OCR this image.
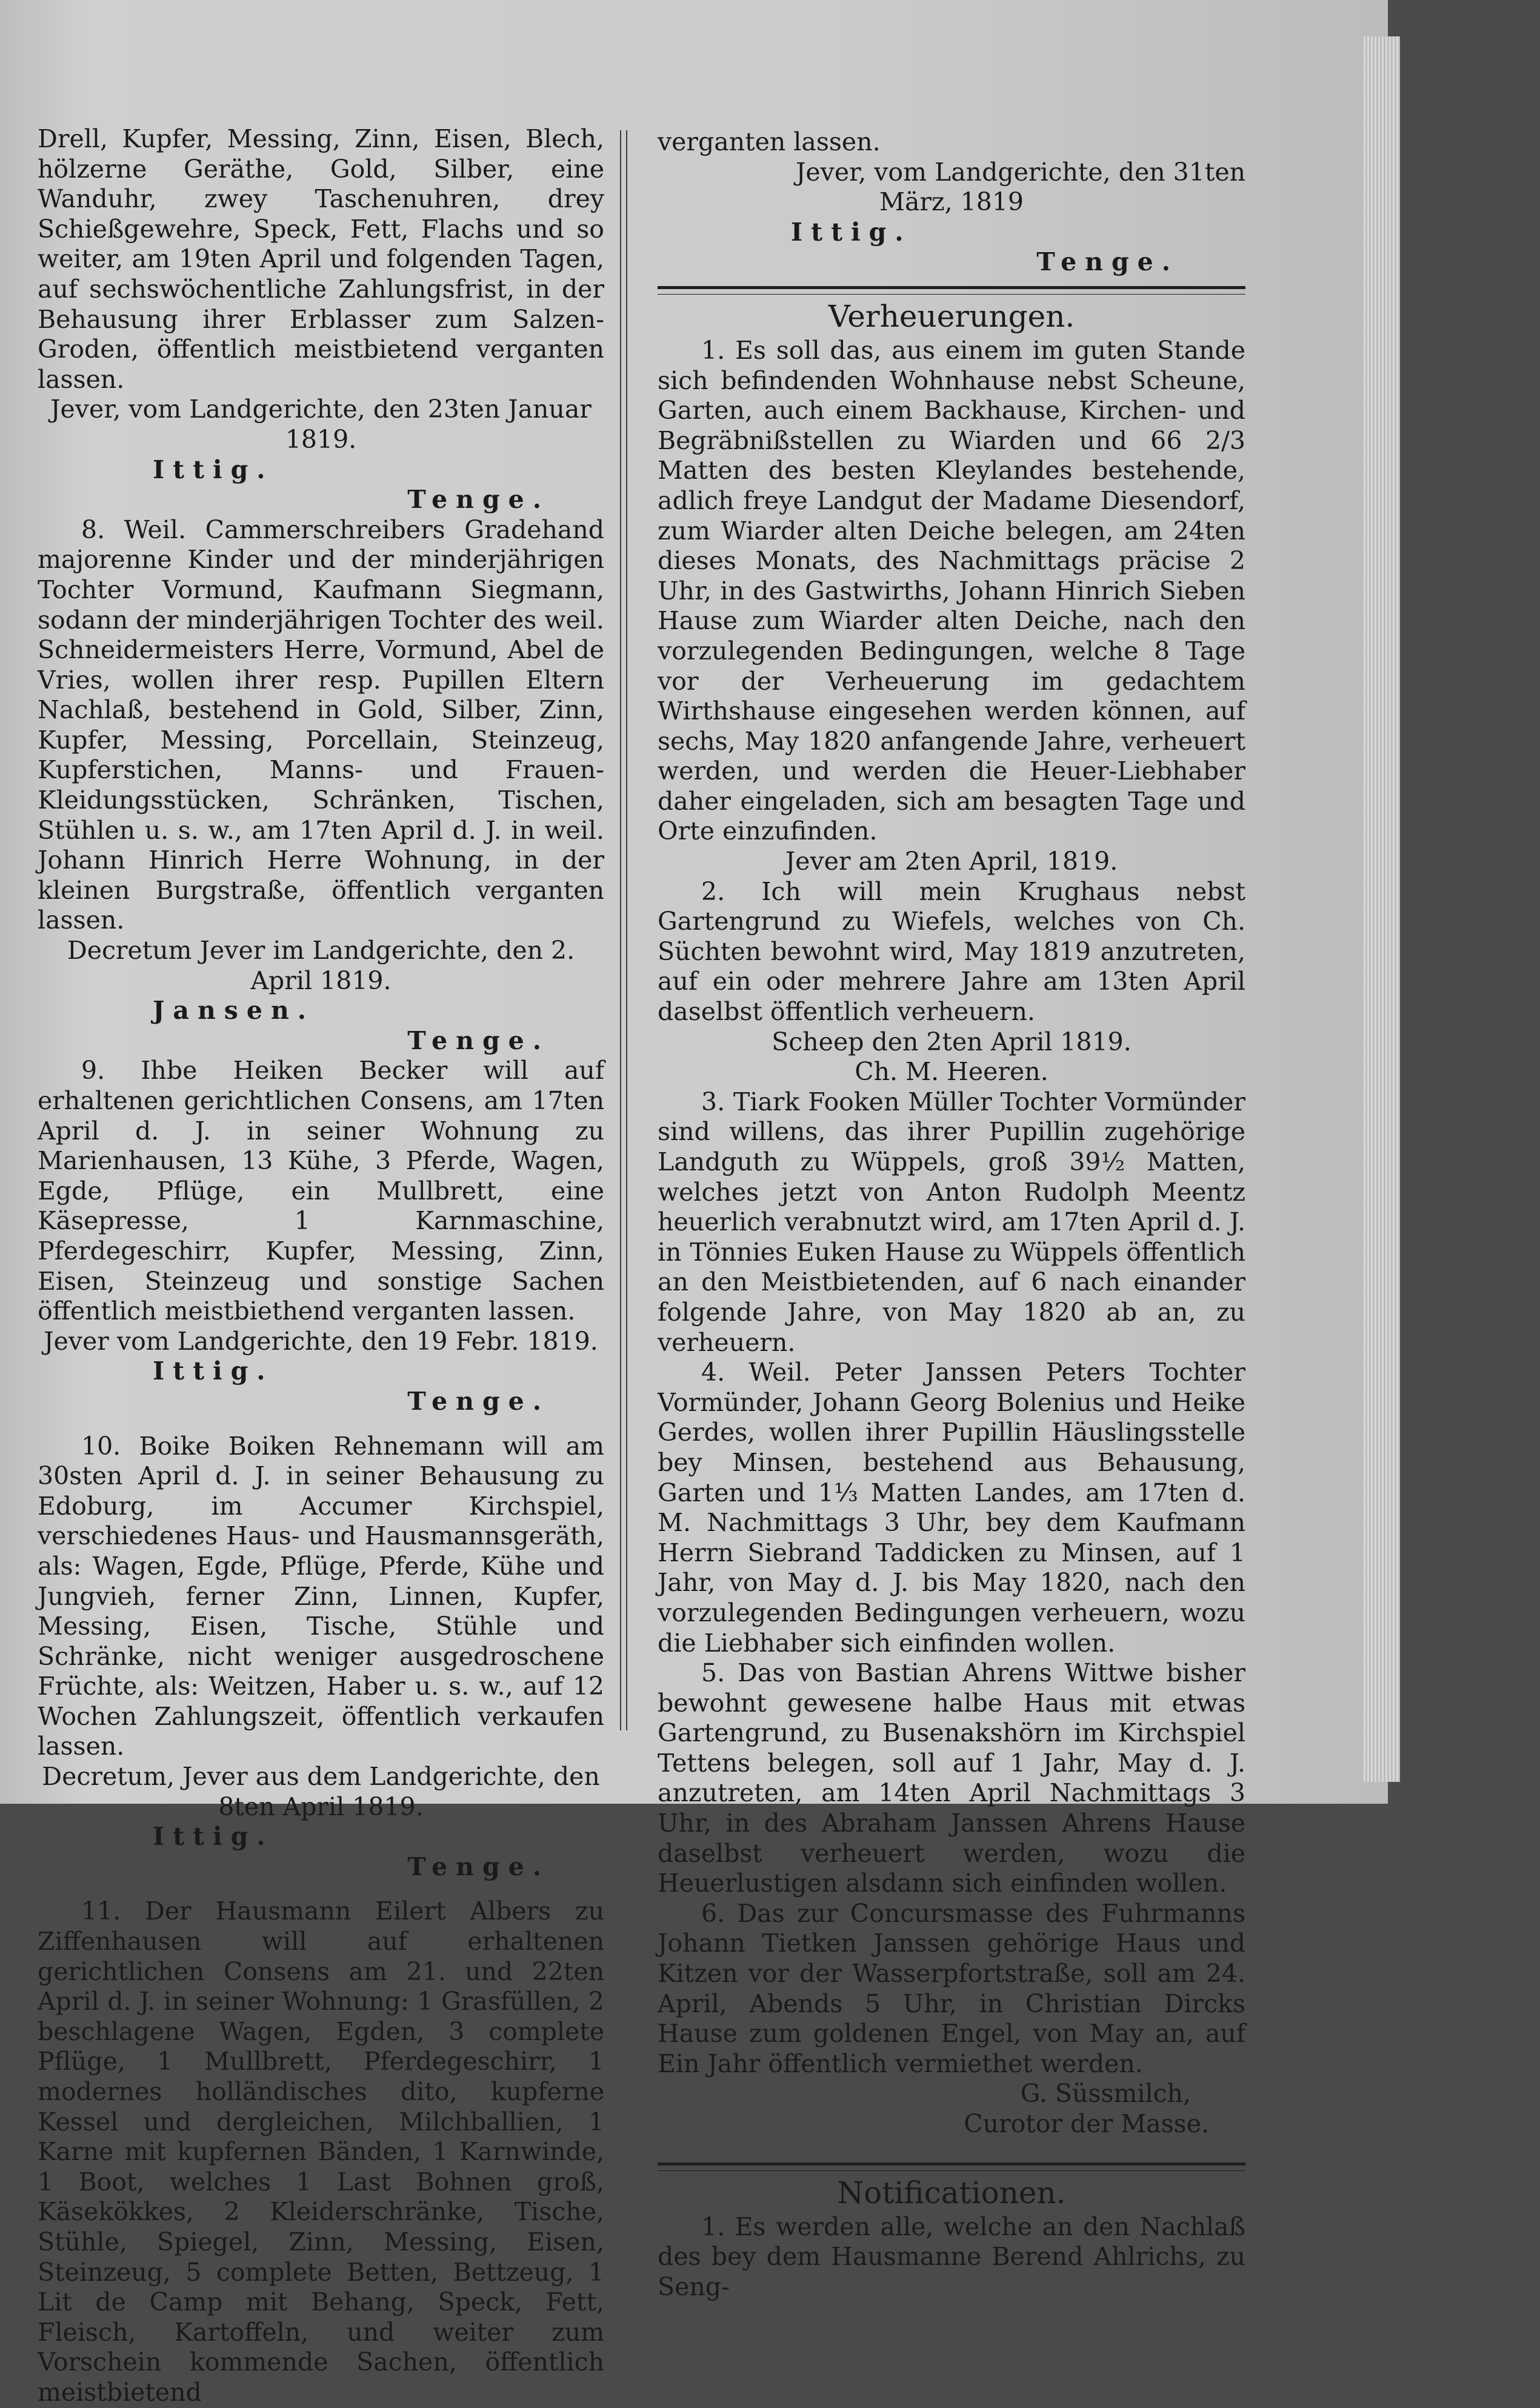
Drell, Kupfer, Messing, Zinn, Eisen, Blech, hölzerne Geräthe, Gold, Silber, eine Wanduhr, zwey Taschenuhren, drey Schießgewehre, Speck, Fett, Flachs und so weiter, am 19ten April und folgenden Tagen, auf sechswöchentliche Zahlungsfrist, in der Behausung ihrer Erblasser zum Salzen-Groden, öffentlich meistbietend verganten lassen.

Jever, vom Landgerichte, den 23ten Januar 1819.

Ittig.

Tenge.

8. Weil. Cammerschreibers Gradehand majorenne Kinder und der minderjährigen Tochter Vormund, Kaufmann Siegmann, sodann der minderjährigen Tochter des weil. Schneidermeisters Herre, Vormund, Abel de Vries, wollen ihrer resp. Pupillen Eltern Nachlaß, bestehend in Gold, Silber, Zinn, Kupfer, Messing, Porcellain, Steinzeug, Kupferstichen, Manns- und Frauen-Kleidungsstücken, Schränken, Tischen, Stühlen u. s. w., am 17ten April d. J. in weil. Johann Hinrich Herre Wohnung, in der kleinen Burgstraße, öffentlich verganten lassen.

Decretum Jever im Landgerichte, den 2. April 1819.

Jansen.

Tenge.

9. Ihbe Heiken Becker will auf erhaltenen gerichtlichen Consens, am 17ten April d. J. in seiner Wohnung zu Marienhausen, 13 Kühe, 3 Pferde, Wagen, Egde, Pflüge, ein Mullbrett, eine Käsepresse, 1 Karnmaschine, Pferdegeschirr, Kupfer, Messing, Zinn, Eisen, Steinzeug und sonstige Sachen öffentlich meistbiethend verganten lassen.

Jever vom Landgerichte, den 19 Febr. 1819.

Ittig.

Tenge.

10. Boike Boiken Rehnemann will am 30sten April d. J. in seiner Behausung zu Edoburg, im Accumer Kirchspiel, verschiedenes Haus- und Hausmannsgeräth, als: Wagen, Egde, Pflüge, Pferde, Kühe und Jungvieh, ferner Zinn, Linnen, Kupfer, Messing, Eisen, Tische, Stühle und Schränke, nicht weniger ausgedroschene Früchte, als: Weitzen, Haber u. s. w., auf 12 Wochen Zahlungszeit, öffentlich verkaufen lassen.

Decretum, Jever aus dem Landgerichte, den 8ten April 1819.

Ittig.

Tenge.

11. Der Hausmann Eilert Albers zu Ziffenhausen will auf erhaltenen gerichtlichen Consens am 21. und 22ten April d. J. in seiner Wohnung: 1 Grasfüllen, 2 beschlagene Wagen, Egden, 3 complete Pflüge, 1 Mullbrett, Pferdegeschirr, 1 modernes holländisches dito, kupferne Kessel und dergleichen, Milchballien, 1 Karne mit kupfernen Bänden, 1 Karnwinde, 1 Boot, welches 1 Last Bohnen groß, Käsekökkes, 2 Kleiderschränke, Tische, Stühle, Spiegel, Zinn, Messing, Eisen, Steinzeug, 5 complete Betten, Bettzeug, 1 Lit de Camp mit Behang, Speck, Fett, Fleisch, Kartoffeln, und weiter zum Vorschein kommende Sachen, öffentlich meistbietend

verganten lassen.

Jever, vom Landgerichte, den 31ten

März, 1819

Ittig.

Tenge.

Verheuerungen.

1. Es soll das, aus einem im guten Stande sich befindenden Wohnhause nebst Scheune, Garten, auch einem Backhause, Kirchen- und Begräbnißstellen zu Wiarden und 66 2/3 Matten des besten Kleylandes bestehende, adlich freye Landgut der Madame Diesendorf, zum Wiarder alten Deiche belegen, am 24ten dieses Monats, des Nachmittags präcise 2 Uhr, in des Gastwirths, Johann Hinrich Sieben Hause zum Wiarder alten Deiche, nach den vorzulegenden Bedingungen, welche 8 Tage vor der Verheuerung im gedachtem Wirthshause eingesehen werden können, auf sechs, May 1820 anfangende Jahre, verheuert werden, und werden die Heuer-Liebhaber daher eingeladen, sich am besagten Tage und Orte einzufinden.

Jever am 2ten April, 1819.

2. Ich will mein Krughaus nebst Gartengrund zu Wiefels, welches von Ch. Süchten bewohnt wird, May 1819 anzutreten, auf ein oder mehrere Jahre am 13ten April daselbst öffentlich verheuern.

Scheep den 2ten April 1819.

Ch. M. Heeren.

3. Tiark Fooken Müller Tochter Vormünder sind willens, das ihrer Pupillin zugehörige Landguth zu Wüppels, groß 39½ Matten, welches jetzt von Anton Rudolph Meentz heuerlich verabnutzt wird, am 17ten April d. J. in Tönnies Euken Hause zu Wüppels öffentlich an den Meistbietenden, auf 6 nach einander folgende Jahre, von May 1820 ab an, zu verheuern.

4. Weil. Peter Janssen Peters Tochter Vormünder, Johann Georg Bolenius und Heike Gerdes, wollen ihrer Pupillin Häuslingsstelle bey Minsen, bestehend aus Behausung, Garten und 1⅓ Matten Landes, am 17ten d. M. Nachmittags 3 Uhr, bey dem Kaufmann Herrn Siebrand Taddicken zu Minsen, auf 1 Jahr, von May d. J. bis May 1820, nach den vorzulegenden Bedingungen verheuern, wozu die Liebhaber sich einfinden wollen.

5. Das von Bastian Ahrens Wittwe bisher bewohnt gewesene halbe Haus mit etwas Gartengrund, zu Busenakshörn im Kirchspiel Tettens belegen, soll auf 1 Jahr, May d. J. anzutreten, am 14ten April Nachmittags 3 Uhr, in des Abraham Janssen Ahrens Hause daselbst verheuert werden, wozu die Heuerlustigen alsdann sich einfinden wollen.

6. Das zur Concursmasse des Fuhrmanns Johann Tietken Janssen gehörige Haus und Kitzen vor der Wasserpfortstraße, soll am 24. April, Abends 5 Uhr, in Christian Dircks Hause zum goldenen Engel, von May an, auf Ein Jahr öffentlich vermiethet werden.

G. Süssmilch,

Curotor der Masse.

Notificationen.

1. Es werden alle, welche an den Nachlaß des bey dem Hausmanne Berend Ahlrichs, zu Seng-
